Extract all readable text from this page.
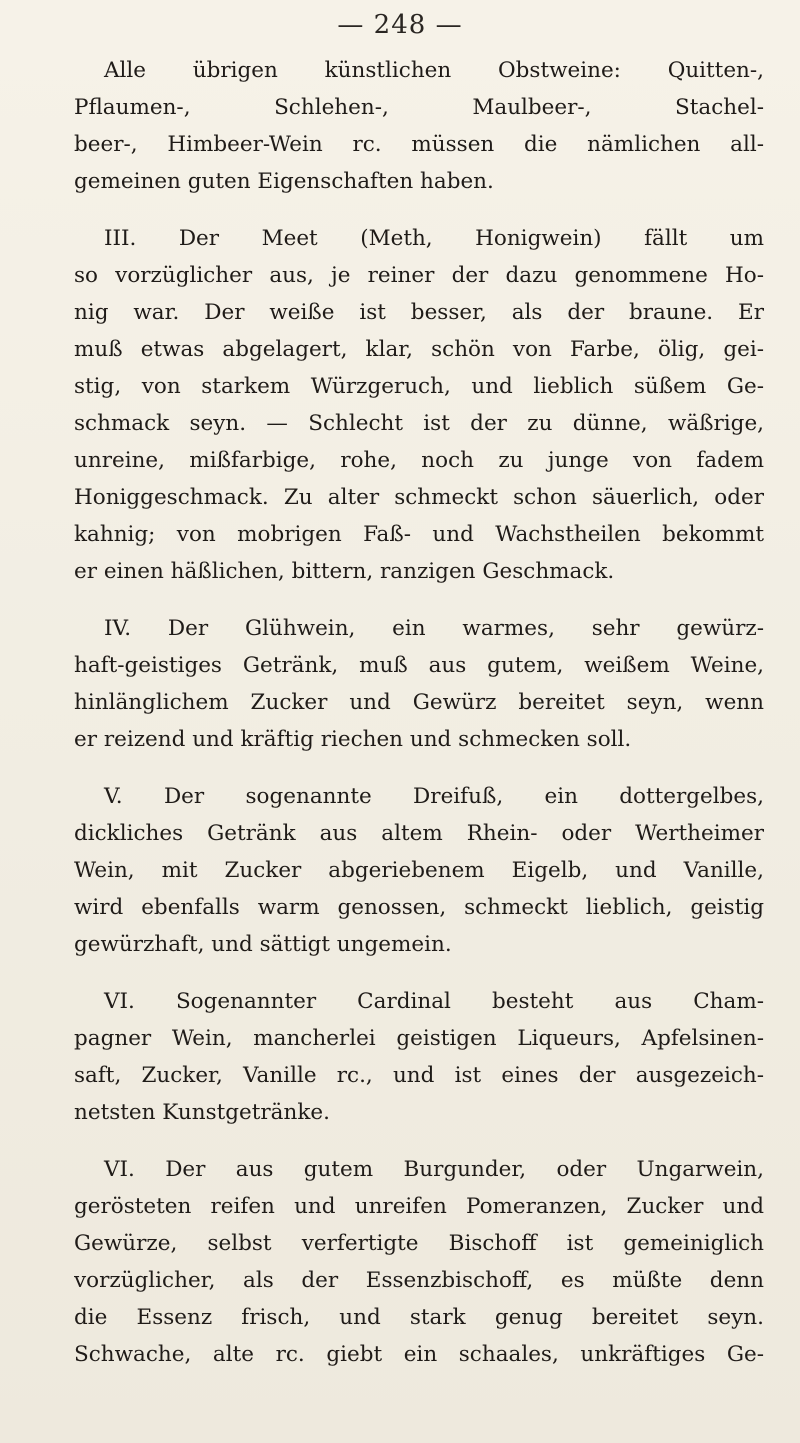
— 248 —
Alle übrigen künstlichen Obstweine: Quitten-,
Pflaumen-, Schlehen-, Maulbeer-, Stachel-
beer-, Himbeer-Wein rc. müssen die nämlichen all-
gemeinen guten Eigenschaften haben.
III. Der Meet (Meth, Honigwein) fällt um
so vorzüglicher aus, je reiner der dazu genommene Ho-
nig war. Der weiße ist besser, als der braune. Er
muß etwas abgelagert, klar, schön von Farbe, ölig, gei-
stig, von starkem Würzgeruch, und lieblich süßem Ge-
schmack seyn. — Schlecht ist der zu dünne, wäßrige,
unreine, mißfarbige, rohe, noch zu junge von fadem
Honiggeschmack. Zu alter schmeckt schon säuerlich, oder
kahnig; von mobrigen Faß- und Wachstheilen bekommt
er einen häßlichen, bittern, ranzigen Geschmack.
IV. Der Glühwein, ein warmes, sehr gewürz-
haft-geistiges Getränk, muß aus gutem, weißem Weine,
hinlänglichem Zucker und Gewürz bereitet seyn, wenn
er reizend und kräftig riechen und schmecken soll.
V. Der sogenannte Dreifuß, ein dottergelbes,
dickliches Getränk aus altem Rhein- oder Wertheimer
Wein, mit Zucker abgeriebenem Eigelb, und Vanille,
wird ebenfalls warm genossen, schmeckt lieblich, geistig
gewürzhaft, und sättigt ungemein.
VI. Sogenannter Cardinal besteht aus Cham-
pagner Wein, mancherlei geistigen Liqueurs, Apfelsinen-
saft, Zucker, Vanille rc., und ist eines der ausgezeich-
netsten Kunstgetränke.
VI. Der aus gutem Burgunder, oder Ungarwein,
gerösteten reifen und unreifen Pomeranzen, Zucker und
Gewürze, selbst verfertigte Bischoff ist gemeiniglich
vorzüglicher, als der Essenzbischoff, es müßte denn
die Essenz frisch, und stark genug bereitet seyn.
Schwache, alte rc. giebt ein schaales, unkräftiges Ge-
